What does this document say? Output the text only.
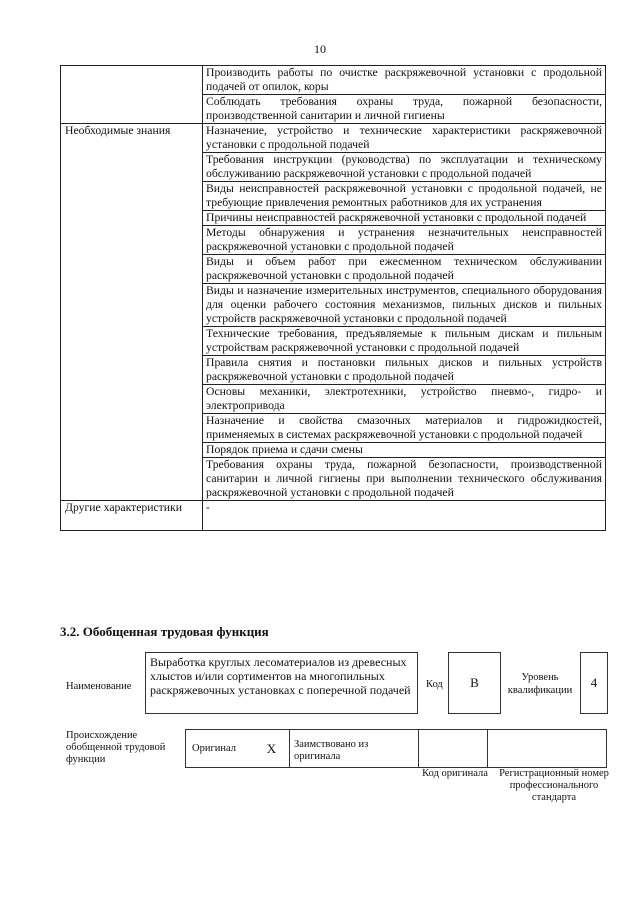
10
	Производить работы по очистке раскряжевочной установки с продольной подачей от опилок, коры
	Соблюдать требования охраны труда, пожарной безопасности, производственной санитарии и личной гигиены
Необходимые знания	Назначение, устройство и технические характеристики раскряжевочной установки с продольной подачей
	Требования инструкции (руководства) по эксплуатации и техническому обслуживанию раскряжевочной установки с продольной подачей
	Виды неисправностей раскряжевочной установки с продольной подачей, не требующие привлечения ремонтных работников для их устранения
	Причины неисправностей раскряжевочной установки с продольной подачей
	Методы обнаружения и устранения незначительных неисправностей раскряжевочной установки с продольной подачей
	Виды и объем работ при ежесменном техническом обслуживании раскряжевочной установки с продольной подачей
	Виды и назначение измерительных инструментов, специального оборудования для оценки рабочего состояния механизмов, пильных дисков и пильных устройств раскряжевочной установки с продольной подачей
	Технические требования, предъявляемые к пильным дискам и пильным устройствам раскряжевочной установки с продольной подачей
	Правила снятия и постановки пильных дисков и пильных устройств раскряжевочной установки с продольной подачей
	Основы механики, электротехники, устройство пневмо-, гидро- и электропривода
	Назначение и свойства смазочных материалов и гидрожидкостей, применяемых в системах раскряжевочной установки с продольной подачей
	Порядок приема и сдачи смены
	Требования охраны труда, пожарной безопасности, производственной санитарии и личной гигиены при выполнении технического обслуживания раскряжевочной установки с продольной подачей
Другие характеристики	-
3.2. Обобщенная трудовая функция
Наименование
Выработка круглых лесоматериалов из древесных хлыстов и/или сортиментов на многопильных раскряжевочных установках с поперечной подачей	Код	B	Уровень квалификации
4
Происхождение обобщенной трудовой функции
Оригинал	X	Заимствовано из оригинала
Код оригинала	Регистрационный номер профессионального стандарта
